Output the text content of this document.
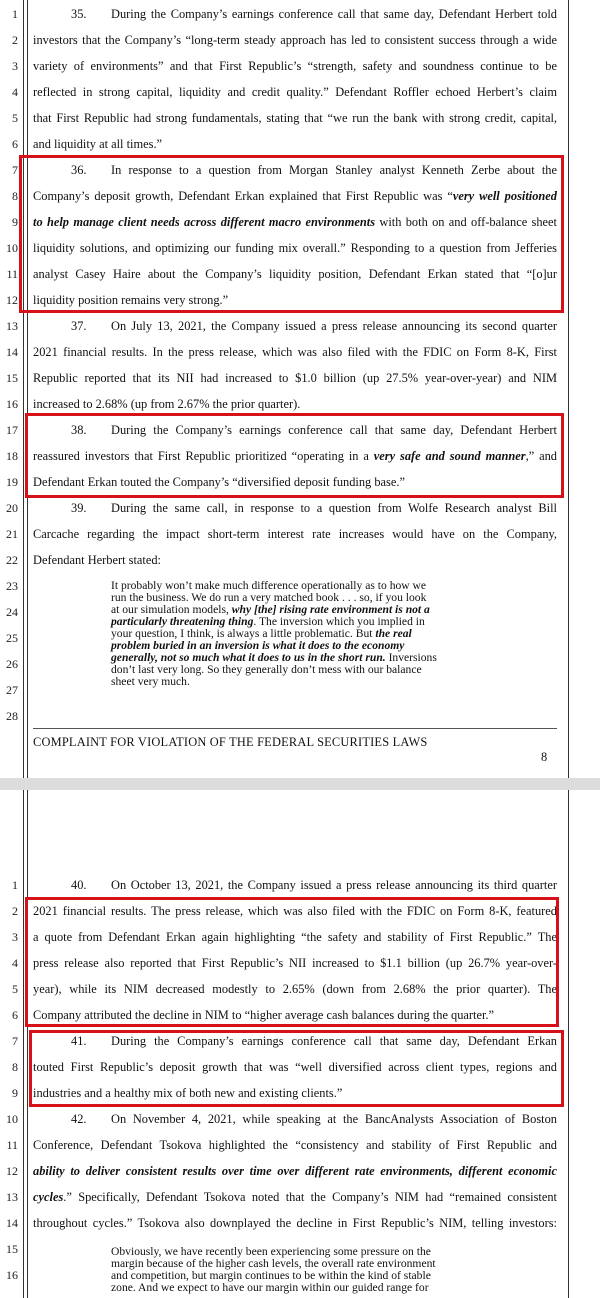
1
2
3
4
5
6
7
8
9
10
11
12
13
14
15
16
17
18
19
20
21
22
23
24
25
26
27
28
35. During the Company’s earnings conference call that same day, Defendant Herbert told
investors that the Company’s “long-term steady approach has led to consistent success through a wide
variety of environments” and that First Republic’s “strength, safety and soundness continue to be
reflected in strong capital, liquidity and credit quality.” Defendant Roffler echoed Herbert’s claim
that First Republic had strong fundamentals, stating that “we run the bank with strong credit, capital,
and liquidity at all times.”
36. In response to a question from Morgan Stanley analyst Kenneth Zerbe about the
Company’s deposit growth, Defendant Erkan explained that First Republic was “very well positioned
to help manage client needs across different macro environments with both on and off-balance sheet
liquidity solutions, and optimizing our funding mix overall.” Responding to a question from Jefferies
analyst Casey Haire about the Company’s liquidity position, Defendant Erkan stated that “[o]ur
liquidity position remains very strong.”
37. On July 13, 2021, the Company issued a press release announcing its second quarter
2021 financial results. In the press release, which was also filed with the FDIC on Form 8-K, First
Republic reported that its NII had increased to $1.0 billion (up 27.5% year-over-year) and NIM
increased to 2.68% (up from 2.67% the prior quarter).
38. During the Company’s earnings conference call that same day, Defendant Herbert
reassured investors that First Republic prioritized “operating in a very safe and sound manner,” and
Defendant Erkan touted the Company’s “diversified deposit funding base.”
39. During the same call, in response to a question from Wolfe Research analyst Bill
Carcache regarding the impact short-term interest rate increases would have on the Company,
Defendant Herbert stated:
It probably won’t make much difference operationally as to how we
run the business. We do run a very matched book . . . so, if you look
at our simulation models, why [the] rising rate environment is not a
particularly threatening thing. The inversion which you implied in
your question, I think, is always a little problematic. But the real
problem buried in an inversion is what it does to the economy
generally, not so much what it does to us in the short run. Inversions
don’t last very long. So they generally don’t mess with our balance
sheet very much.
COMPLAINT FOR VIOLATION OF THE FEDERAL SECURITIES LAWS
8
1
2
3
4
5
6
7
8
9
10
11
12
13
14
15
16
40. On October 13, 2021, the Company issued a press release announcing its third quarter
2021 financial results. The press release, which was also filed with the FDIC on Form 8-K, featured
a quote from Defendant Erkan again highlighting “the safety and stability of First Republic.” The
press release also reported that First Republic’s NII increased to $1.1 billion (up 26.7% year-over-
year), while its NIM decreased modestly to 2.65% (down from 2.68% the prior quarter). The
Company attributed the decline in NIM to “higher average cash balances during the quarter.”
41. During the Company’s earnings conference call that same day, Defendant Erkan
touted First Republic’s deposit growth that was “well diversified across client types, regions and
industries and a healthy mix of both new and existing clients.”
42. On November 4, 2021, while speaking at the BancAnalysts Association of Boston
Conference, Defendant Tsokova highlighted the “consistency and stability of First Republic and
ability to deliver consistent results over time over different rate environments, different economic
cycles.” Specifically, Defendant Tsokova noted that the Company’s NIM had “remained consistent
throughout cycles.” Tsokova also downplayed the decline in First Republic’s NIM, telling investors:
Obviously, we have recently been experiencing some pressure on the
margin because of the higher cash levels, the overall rate environment
and competition, but margin continues to be within the kind of stable
zone. And we expect to have our margin within our guided range for
